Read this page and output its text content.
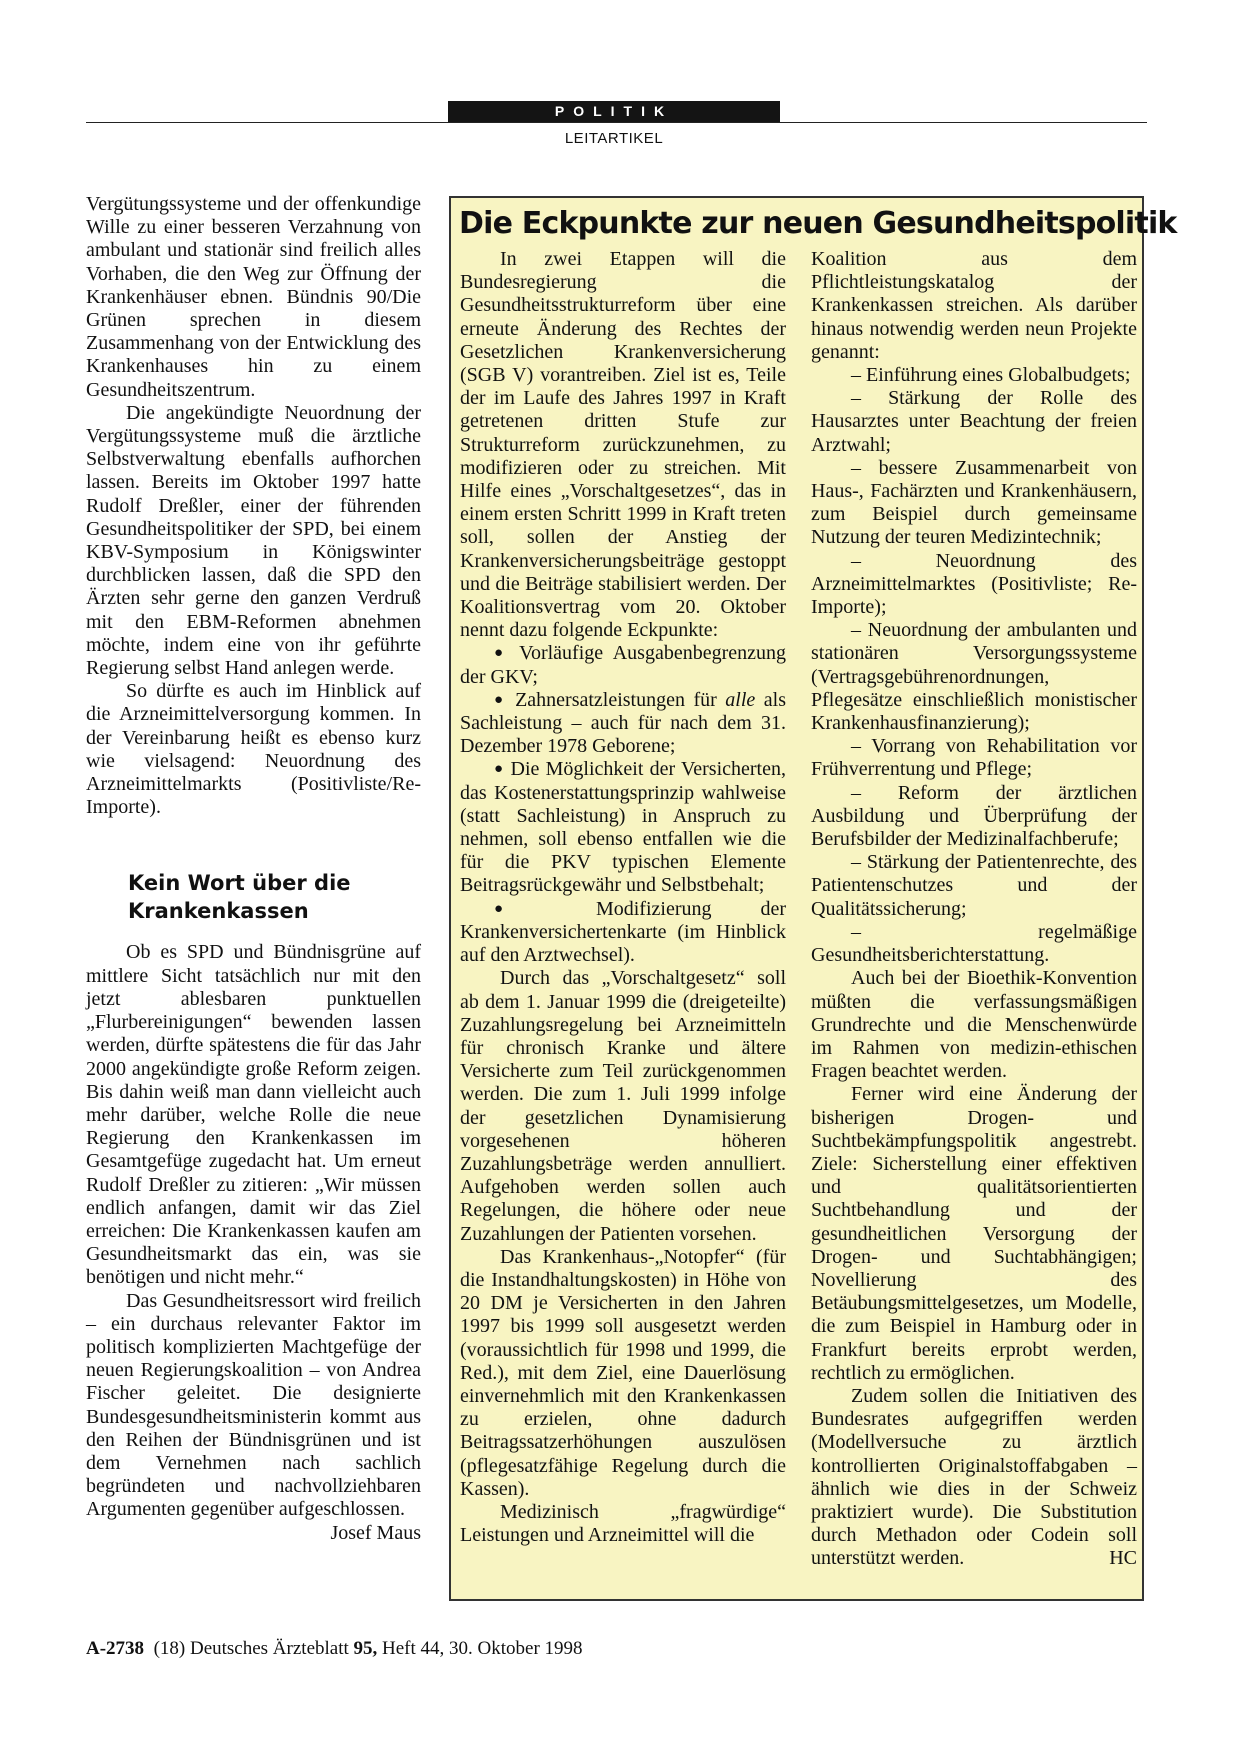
POLITIK
LEITARTIKEL

Vergütungssysteme und der offenkundige Wille zu einer besseren Verzahnung von ambulant und stationär sind freilich alles Vorhaben, die den Weg zur Öffnung der Krankenhäuser ebnen. Bündnis 90/Die Grünen sprechen in diesem Zusammenhang von der Entwicklung des Krankenhauses hin zu einem Gesundheitszentrum.

Die angekündigte Neuordnung der Vergütungssysteme muß die ärztliche Selbstverwaltung ebenfalls aufhorchen lassen. Bereits im Oktober 1997 hatte Rudolf Dreßler, einer der führenden Gesundheitspolitiker der SPD, bei einem KBV-Symposium in Königswinter durchblicken lassen, daß die SPD den Ärzten sehr gerne den ganzen Verdruß mit den EBM-Reformen abnehmen möchte, indem eine von ihr geführte Regierung selbst Hand anlegen werde.

So dürfte es auch im Hinblick auf die Arzneimittelversorgung kommen. In der Vereinbarung heißt es ebenso kurz wie vielsagend: Neuordnung des Arzneimittelmarkts (Positivliste/Re-Importe).

Kein Wort über die
Krankenkassen

Ob es SPD und Bündnisgrüne auf mittlere Sicht tatsächlich nur mit den jetzt ablesbaren punktuellen „Flurbereinigungen“ bewenden lassen werden, dürfte spätestens die für das Jahr 2000 angekündigte große Reform zeigen. Bis dahin weiß man dann vielleicht auch mehr darüber, welche Rolle die neue Regierung den Krankenkassen im Gesamtgefüge zugedacht hat. Um erneut Rudolf Dreßler zu zitieren: „Wir müssen endlich anfangen, damit wir das Ziel erreichen: Die Krankenkassen kaufen am Gesundheitsmarkt das ein, was sie benötigen und nicht mehr.“

Das Gesundheitsressort wird freilich – ein durchaus relevanter Faktor im politisch komplizierten Machtgefüge der neuen Regierungskoalition – von Andrea Fischer geleitet. Die designierte Bundesgesundheitsministerin kommt aus den Reihen der Bündnisgrünen und ist dem Vernehmen nach sachlich begründeten und nachvollziehbaren Argumenten gegenüber aufgeschlossen.
Josef Maus

Die Eckpunkte zur neuen Gesundheitspolitik

In zwei Etappen will die Bundesregierung die Gesundheitsstrukturreform über eine erneute Änderung des Rechtes der Gesetzlichen Krankenversicherung (SGB V) vorantreiben. Ziel ist es, Teile der im Laufe des Jahres 1997 in Kraft getretenen dritten Stufe zur Strukturreform zurückzunehmen, zu modifizieren oder zu streichen. Mit Hilfe eines „Vorschaltgesetzes“, das in einem ersten Schritt 1999 in Kraft treten soll, sollen der Anstieg der Krankenversicherungsbeiträge gestoppt und die Beiträge stabilisiert werden. Der Koalitionsvertrag vom 20. Oktober nennt dazu folgende Eckpunkte:

● Vorläufige Ausgabenbegrenzung der GKV;

● Zahnersatzleistungen für alle als Sachleistung – auch für nach dem 31. Dezember 1978 Geborene;

● Die Möglichkeit der Versicherten, das Kostenerstattungsprinzip wahlweise (statt Sachleistung) in Anspruch zu nehmen, soll ebenso entfallen wie die für die PKV typischen Elemente Beitragsrückgewähr und Selbstbehalt;

● Modifizierung der Krankenversichertenkarte (im Hinblick auf den Arztwechsel).

Durch das „Vorschaltgesetz“ soll ab dem 1. Januar 1999 die (dreigeteilte) Zuzahlungsregelung bei Arzneimitteln für chronisch Kranke und ältere Versicherte zum Teil zurückgenommen werden. Die zum 1. Juli 1999 infolge der gesetzlichen Dynamisierung vorgesehenen höheren Zuzahlungsbeträge werden annulliert. Aufgehoben werden sollen auch Regelungen, die höhere oder neue Zuzahlungen der Patienten vorsehen.

Das Krankenhaus-„Notopfer“ (für die Instandhaltungskosten) in Höhe von 20 DM je Versicherten in den Jahren 1997 bis 1999 soll ausgesetzt werden (voraussichtlich für 1998 und 1999, die Red.), mit dem Ziel, eine Dauerlösung einvernehmlich mit den Krankenkassen zu erzielen, ohne dadurch Beitragssatzerhöhungen auszulösen (pflegesatzfähige Regelung durch die Kassen).

Medizinisch „fragwürdige“ Leistungen und Arzneimittel will die

Koalition aus dem Pflichtleistungskatalog der Krankenkassen streichen. Als darüber hinaus notwendig werden neun Projekte genannt:

– Einführung eines Globalbudgets;

– Stärkung der Rolle des Hausarztes unter Beachtung der freien Arztwahl;

– bessere Zusammenarbeit von Haus-, Fachärzten und Krankenhäusern, zum Beispiel durch gemeinsame Nutzung der teuren Medizintechnik;

– Neuordnung des Arzneimittelmarktes (Positivliste; Re-Importe);

– Neuordnung der ambulanten und stationären Versorgungssysteme (Vertragsgebührenordnungen, Pflegesätze einschließlich monistischer Krankenhausfinanzierung);

– Vorrang von Rehabilitation vor Frühverrentung und Pflege;

– Reform der ärztlichen Ausbildung und Überprüfung der Berufsbilder der Medizinalfachberufe;

– Stärkung der Patientenrechte, des Patientenschutzes und der Qualitätssicherung;

– regelmäßige Gesundheitsberichterstattung.

Auch bei der Bioethik-Konvention müßten die verfassungsmäßigen Grundrechte und die Menschenwürde im Rahmen von medizin-ethischen Fragen beachtet werden.

Ferner wird eine Änderung der bisherigen Drogen- und Suchtbekämpfungspolitik angestrebt. Ziele: Sicherstellung einer effektiven und qualitätsorientierten Suchtbehandlung und der gesundheitlichen Versorgung der Drogen- und Suchtabhängigen; Novellierung des Betäubungsmittelgesetzes, um Modelle, die zum Beispiel in Hamburg oder in Frankfurt bereits erprobt werden, rechtlich zu ermöglichen.

Zudem sollen die Initiativen des Bundesrates aufgegriffen werden (Modellversuche zu ärztlich kontrollierten Originalstoffabgaben – ähnlich wie dies in der Schweiz praktiziert wurde). Die Substitution durch Methadon oder Codein soll unterstützt werden.	HC

A-2738 (18) Deutsches Ärzteblatt 95, Heft 44, 30. Oktober 1998
